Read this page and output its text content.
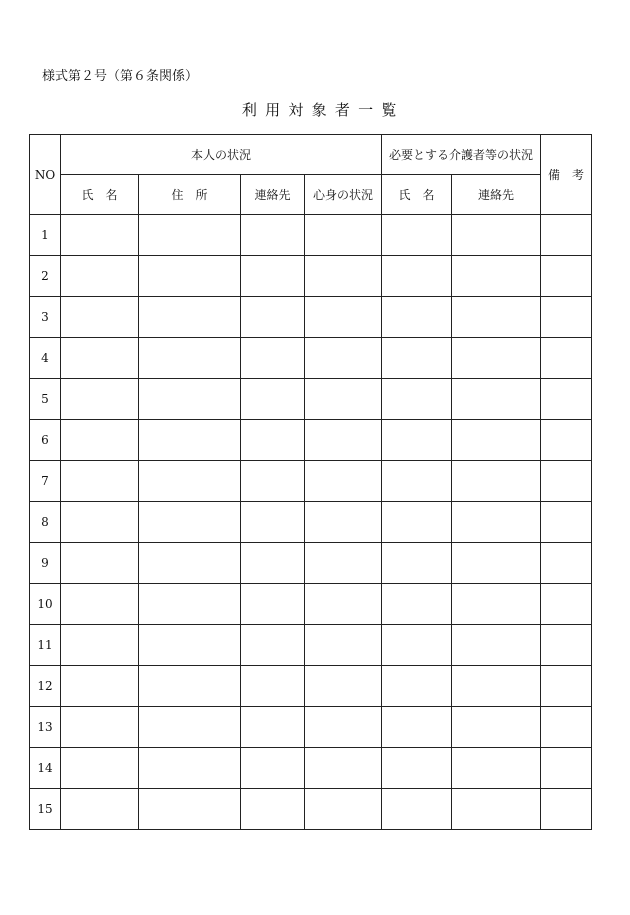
様式第２号（第６条関係）
利用対象者一覧
NO	本人の状況				必要とする介護者等の状況		備　考
	氏　名	住　所	連絡先	心身の状況	氏　名	連絡先	
1							
2							
3							
4							
5							
6							
7							
8							
9							
10							
11							
12							
13							
14							
15							
